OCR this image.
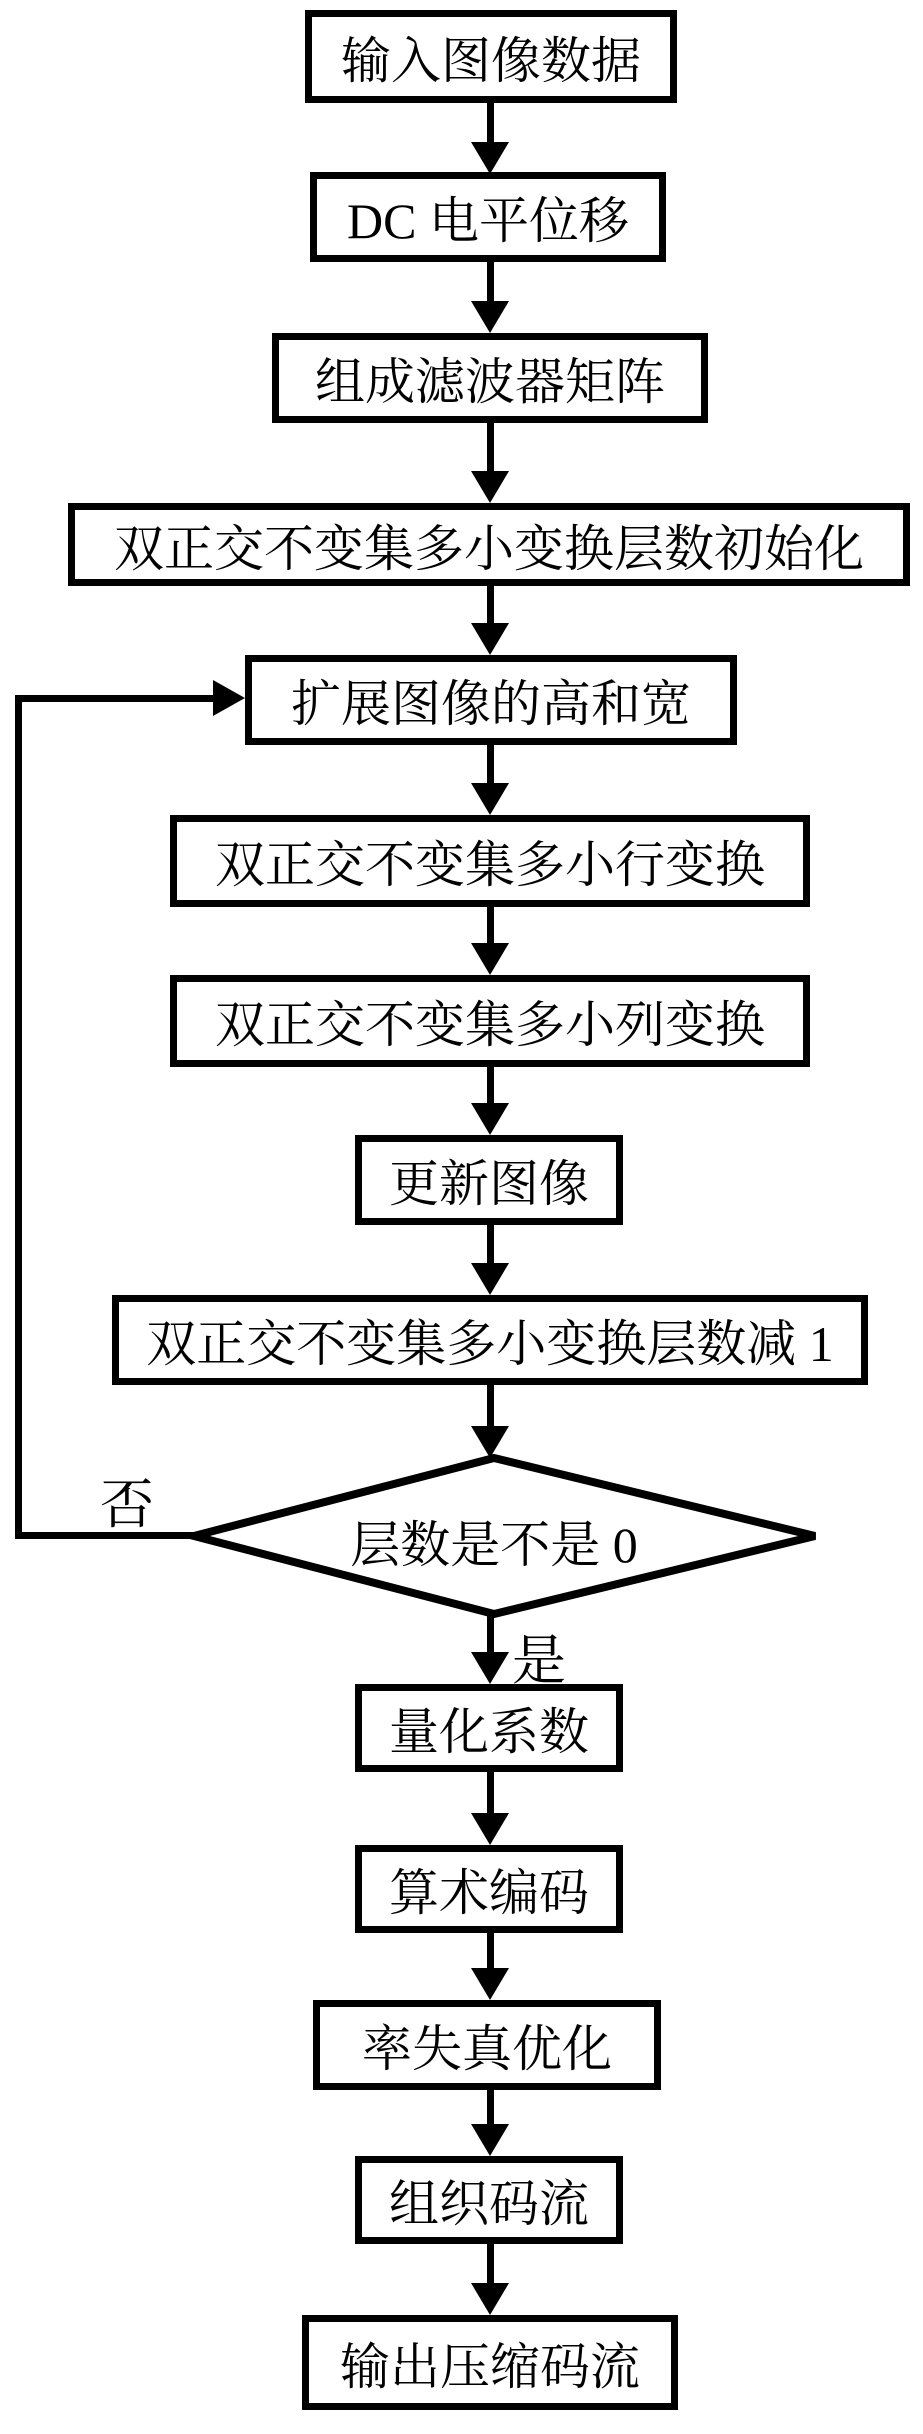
输入图像数据
DC 电平位移
组成滤波器矩阵
双正交不变集多小变换层数初始化
扩展图像的高和宽
双正交不变集多小行变换
双正交不变集多小列变换
更新图像
双正交不变集多小变换层数减 1
层数是不是 0
量化系数
算术编码
率失真优化
组织码流
输出压缩码流
否
是
